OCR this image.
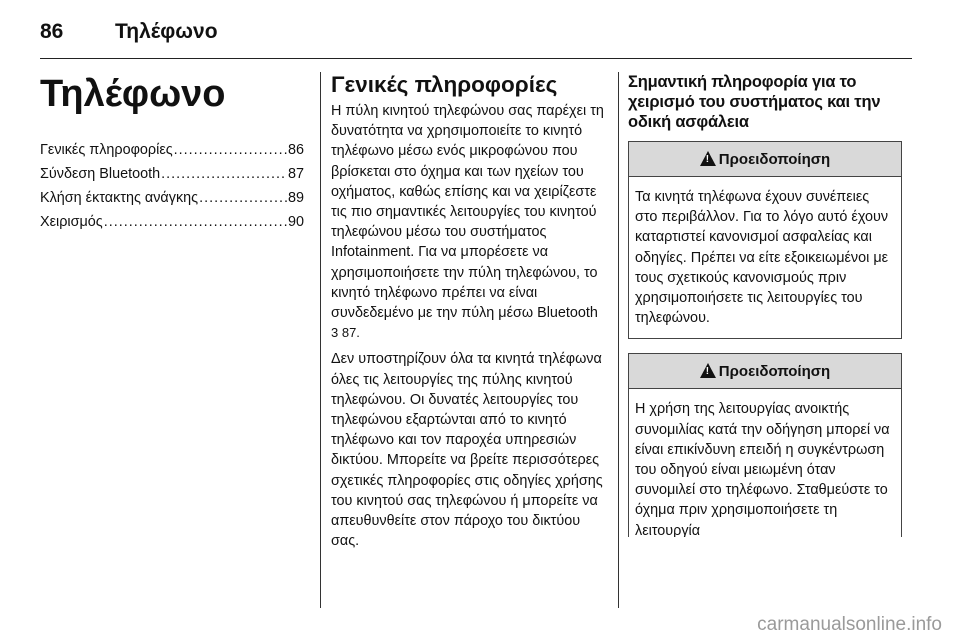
86 Τηλέφωνο
Τηλέφωνο
Γενικές πληροφορίες .....	86
Σύνδεση Bluetooth .....	87
Κλήση έκτακτης ανάγκης .....	89
Χειρισμός .....	90
Γενικές πληροφορίες

Η πύλη κινητού τηλεφώνου σας παρέχει τη δυνατότητα να χρησιμοποιείτε το κινητό τηλέφωνο μέσω ενός μικροφώνου που βρίσκεται στο όχημα και των ηχείων του οχήματος, καθώς επίσης και να χειρίζεστε τις πιο σημαντικές λειτουργίες του κινητού τηλεφώνου μέσω του συστήματος Infotainment. Για να μπορέσετε να χρησιμοποιήσετε την πύλη τηλεφώνου, το κινητό τηλέφωνο πρέπει να είναι συνδεδεμένο με την πύλη μέσω Bluetooth 3 87.

Δεν υποστηρίζουν όλα τα κινητά τηλέφωνα όλες τις λειτουργίες της πύλης κινητού τηλεφώνου. Οι δυνατές λειτουργίες του τηλεφώνου εξαρτώνται από το κινητό τηλέφωνο και τον παροχέα υπηρεσιών δικτύου. Μπορείτε να βρείτε περισσότερες σχετικές πληροφορίες στις οδηγίες χρήσης του κινητού σας τηλεφώνου ή μπορείτε να απευθυνθείτε στον πάροχο του δικτύου σας.

Σημαντική πληροφορία για το χειρισμό του συστήματος και την οδική ασφάλεια
!
Προειδοποίηση
Τα κινητά τηλέφωνα έχουν συνέπειες στο περιβάλλον. Για το λόγο αυτό έχουν καταρτιστεί κανονισμοί ασφαλείας και οδηγίες. Πρέπει να είτε εξοικειωμένοι με τους σχετικούς κανονισμούς πριν χρησιμοποιήσετε τις λειτουργίες του τηλεφώνου.
!
Προειδοποίηση
Η χρήση της λειτουργίας ανοικτής συνομιλίας κατά την οδήγηση μπορεί να είναι επικίνδυνη επειδή η συγκέντρωση του οδηγού είναι μειωμένη όταν συνομιλεί στο τηλέφωνο. Σταθμεύστε το όχημα πριν χρησιμοποιήσετε τη λειτουργία
carmanualsonline.info
